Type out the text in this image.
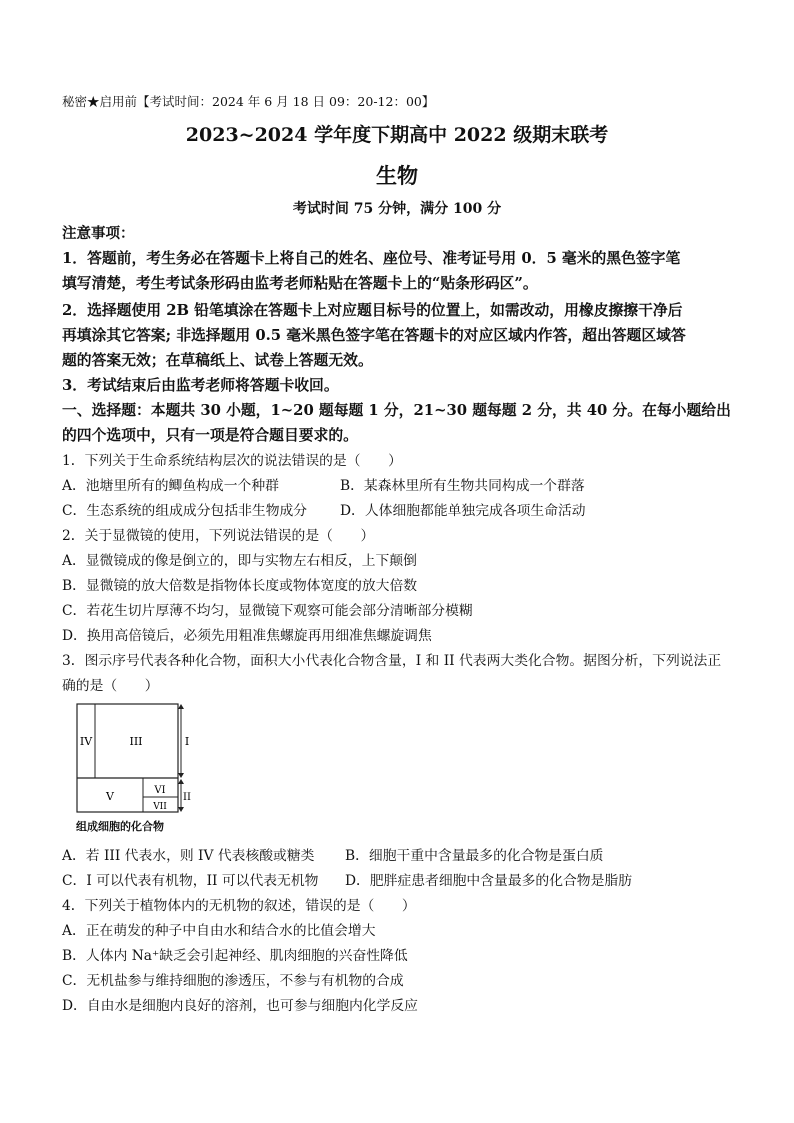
秘密★启用前【考试时间：2024 年 6 月 18 日 09：20-12：00】
2023~2024 学年度下期高中 2022 级期末联考
生物
考试时间 75 分钟，满分 100 分
注意事项：
1．答题前，考生务必在答题卡上将自己的姓名、座位号、准考证号用 0．5 毫米的黑色签字笔
填写清楚，考生考试条形码由监考老师粘贴在答题卡上的“贴条形码区”。
2．选择题使用 2B 铅笔填涂在答题卡上对应题目标号的位置上，如需改动，用橡皮擦擦干净后
再填涂其它答案; 非选择题用 0.5 毫米黑色签字笔在答题卡的对应区域内作答，超出答题区域答
题的答案无效；在草稿纸上、试卷上答题无效。
3．考试结束后由监考老师将答题卡收回。
一、选择题：本题共 30 小题，1~20 题每题 1 分，21~30 题每题 2 分，共 40 分。在每小题给出
的四个选项中，只有一项是符合题目要求的。
1．下列关于生命系统结构层次的说法错误的是（　　）
A．池塘里所有的鲫鱼构成一个种群	B．某森林里所有生物共同构成一个群落
C．生态系统的组成成分包括非生物成分 D．人体细胞都能单独完成各项生命活动
2．关于显微镜的使用，下列说法错误的是（　　）
A．显微镜成的像是倒立的，即与实物左右相反，上下颠倒
B．显微镜的放大倍数是指物体长度或物体宽度的放大倍数
C．若花生切片厚薄不均匀，显微镜下观察可能会部分清晰部分模糊
D．换用高倍镜后，必须先用粗准焦螺旋再用细准焦螺旋调焦
3．图示序号代表各种化合物，面积大小代表化合物含量，I 和 II 代表两大类化合物。据图分析，下列说法正
确的是（　　）
IV	III
V	VI
VII
I
II
组成细胞的化合物
A．若 III 代表水，则 IV 代表核酸或糖类 B．细胞干重中含量最多的化合物是蛋白质
C．I 可以代表有机物，II 可以代表无机物 D．肥胖症患者细胞中含量最多的化合物是脂肪
4．下列关于植物体内的无机物的叙述，错误的是（　　）
A．正在萌发的种子中自由水和结合水的比值会增大
B．人体内 Na⁺缺乏会引起神经、肌肉细胞的兴奋性降低
C．无机盐参与维持细胞的渗透压，不参与有机物的合成
D．自由水是细胞内良好的溶剂，也可参与细胞内化学反应
